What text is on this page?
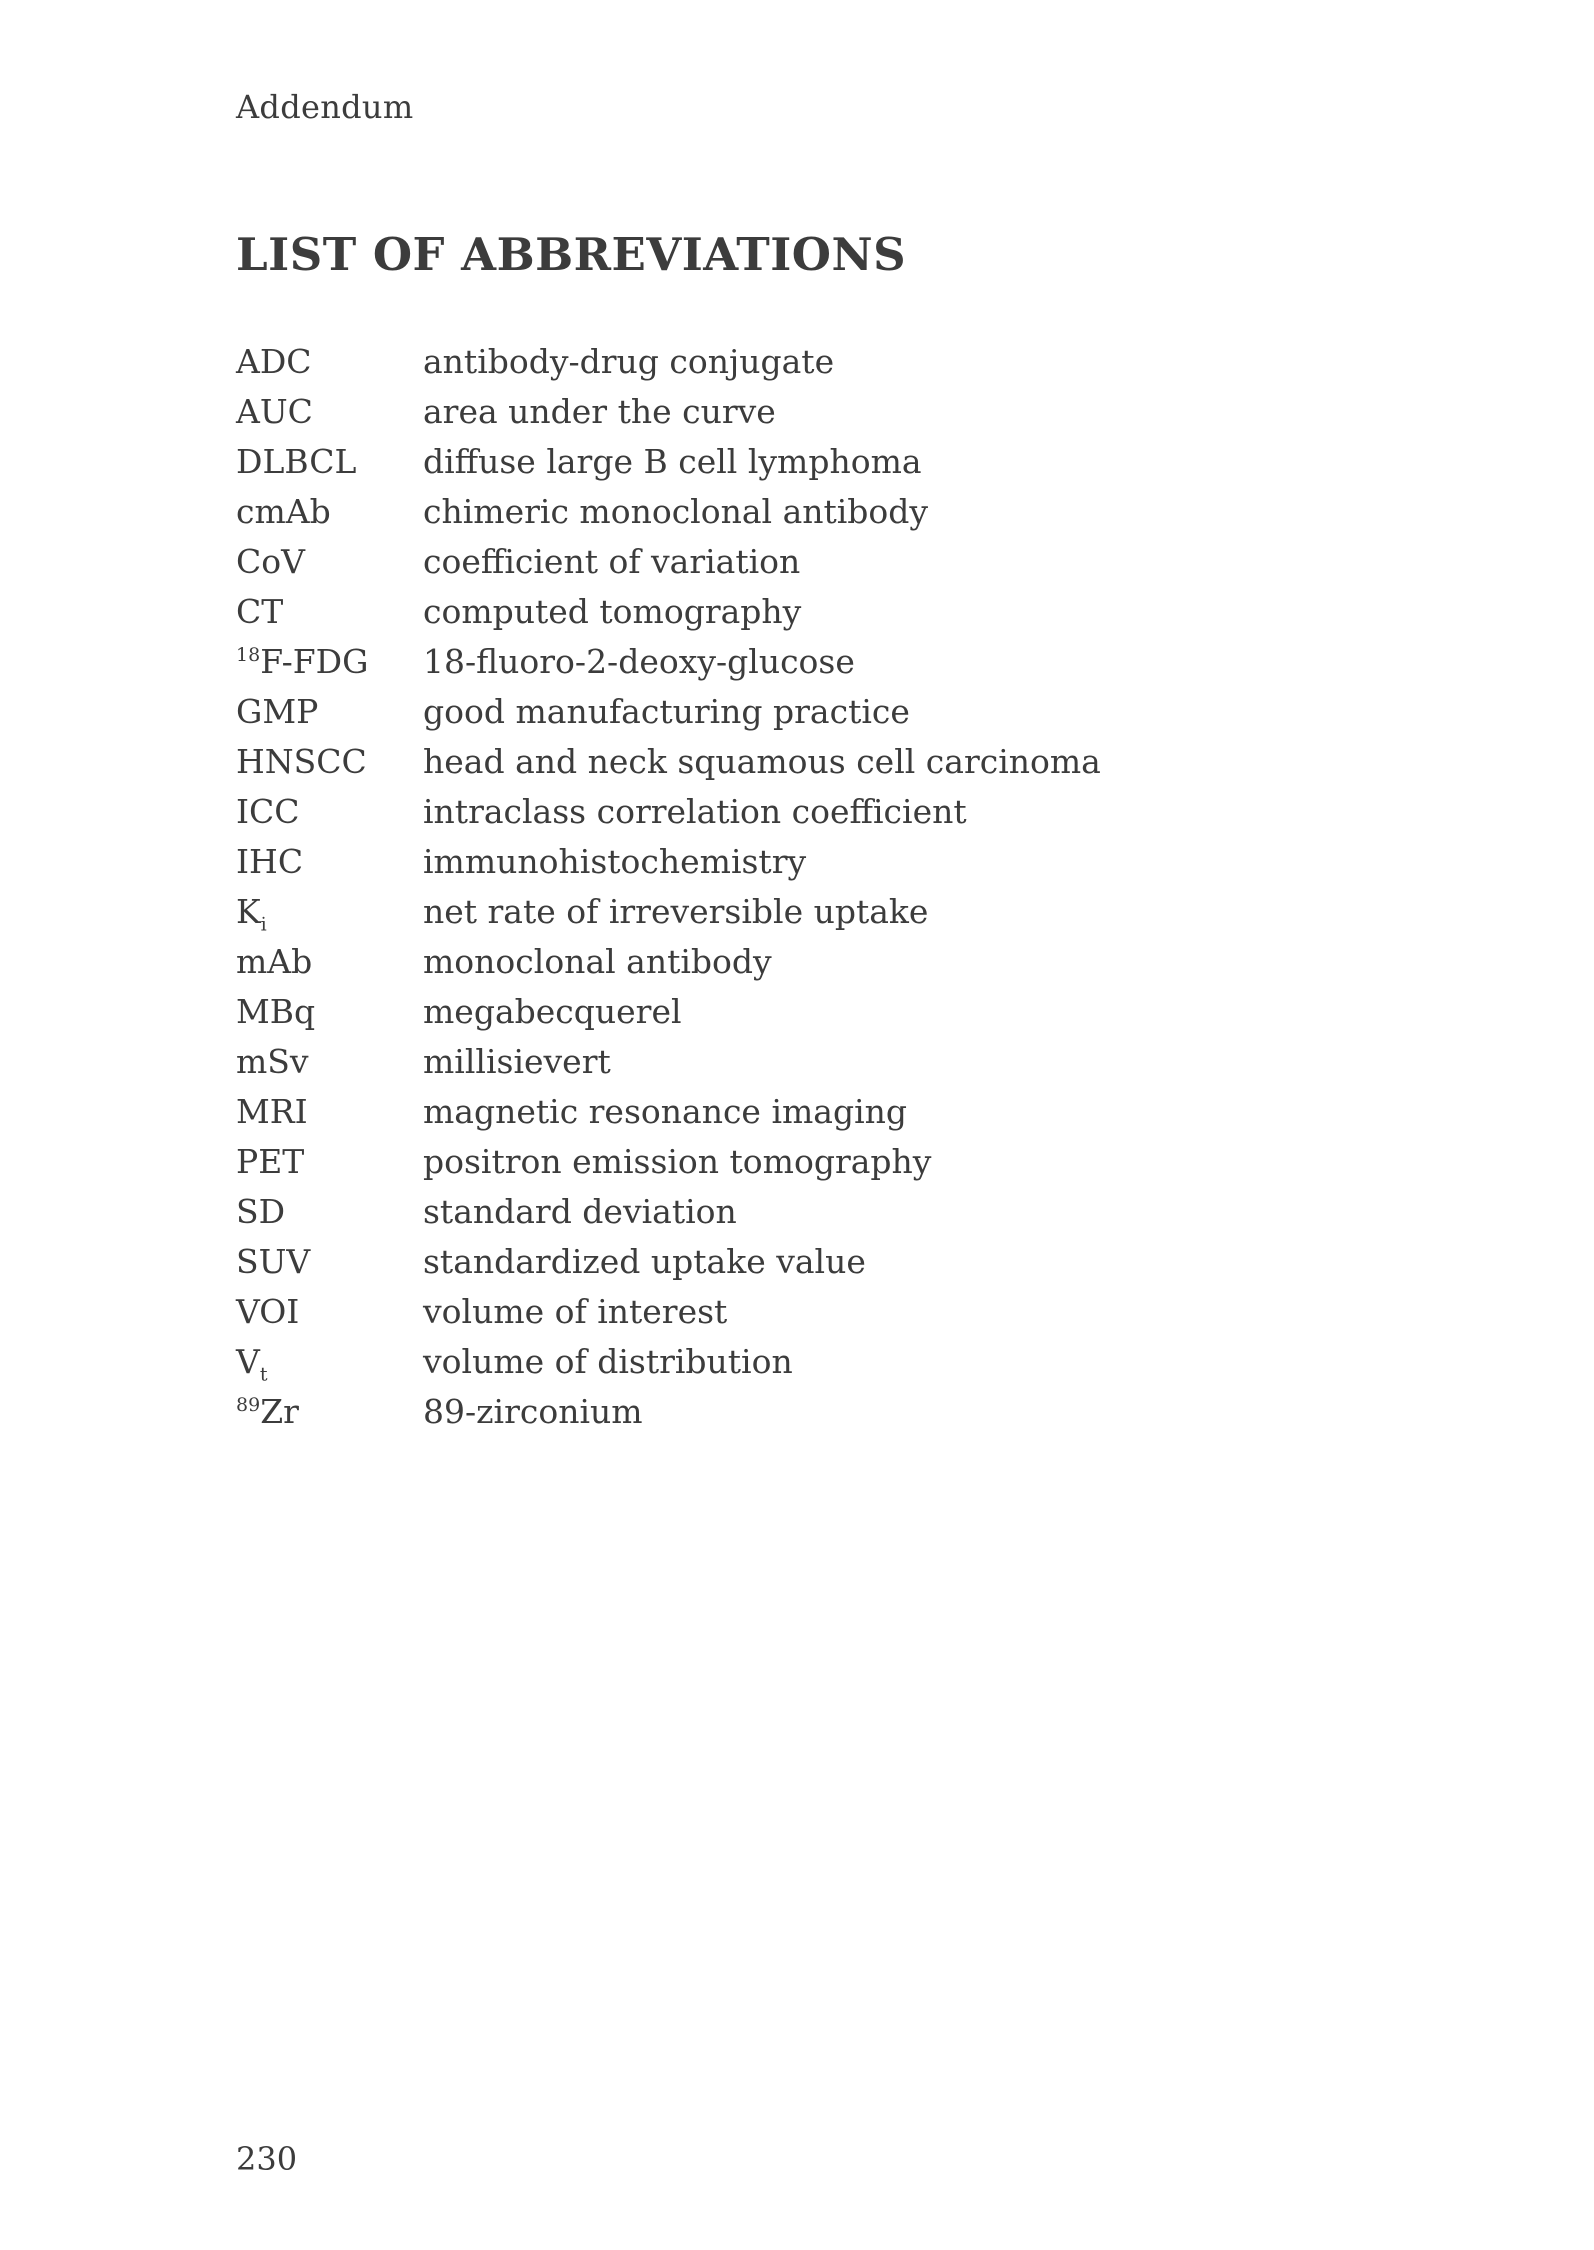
Addendum
LIST OF ABBREVIATIONS
ADC	antibody-drug conjugate
AUC	area under the curve
DLBCL	diffuse large B cell lymphoma
cmAb	chimeric monoclonal antibody
CoV	coefficient of variation
CT	computed tomography
$^{18}$F-FDG	18-fluoro-2-deoxy-glucose
GMP	good manufacturing practice
HNSCC	head and neck squamous cell carcinoma
ICC	intraclass correlation coefficient
IHC	immunohistochemistry
$K_i$	net rate of irreversible uptake
mAb	monoclonal antibody
MBq	megabecquerel
mSv	millisievert
MRI	magnetic resonance imaging
PET	positron emission tomography
SD	standard deviation
SUV	standardized uptake value
VOI	volume of interest
$V_t$	volume of distribution
$^{89}$Zr	89-zirconium
230
